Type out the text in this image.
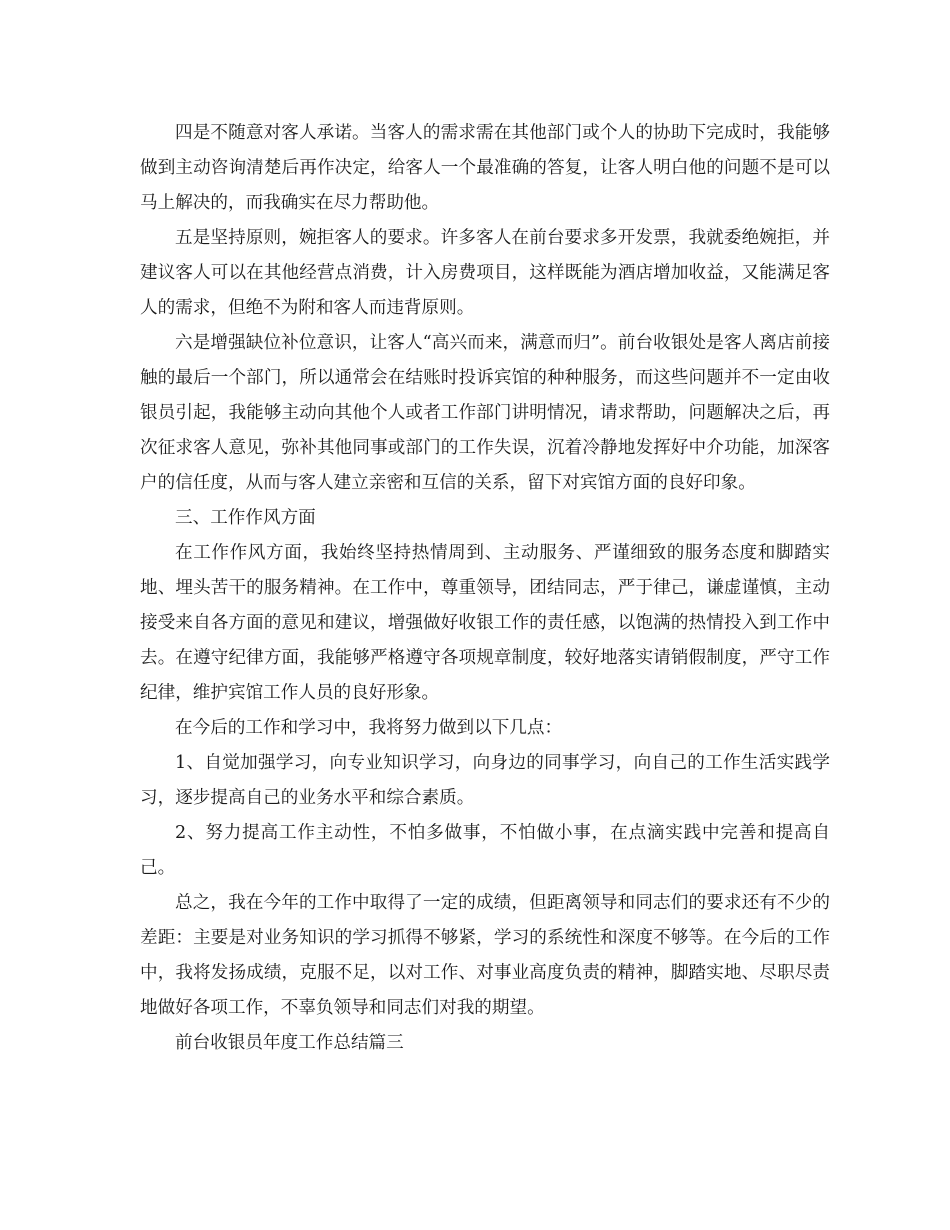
四是不随意对客人承诺。当客人的需求需在其他部门或个人的协助下完成时，我能够做到主动咨询清楚后再作决定，给客人一个最准确的答复，让客人明白他的问题不是可以马上解决的，而我确实在尽力帮助他。

五是坚持原则，婉拒客人的要求。许多客人在前台要求多开发票，我就委绝婉拒，并建议客人可以在其他经营点消费，计入房费项目，这样既能为酒店增加收益，又能满足客人的需求，但绝不为附和客人而违背原则。

六是增强缺位补位意识，让客人“高兴而来，满意而归”。前台收银处是客人离店前接触的最后一个部门，所以通常会在结账时投诉宾馆的种种服务，而这些问题并不一定由收银员引起，我能够主动向其他个人或者工作部门讲明情况，请求帮助，问题解决之后，再次征求客人意见，弥补其他同事或部门的工作失误，沉着冷静地发挥好中介功能，加深客户的信任度，从而与客人建立亲密和互信的关系，留下对宾馆方面的良好印象。

三、工作作风方面

在工作作风方面，我始终坚持热情周到、主动服务、严谨细致的服务态度和脚踏实地、埋头苦干的服务精神。在工作中，尊重领导，团结同志，严于律己，谦虚谨慎，主动接受来自各方面的意见和建议，增强做好收银工作的责任感，以饱满的热情投入到工作中去。在遵守纪律方面，我能够严格遵守各项规章制度，较好地落实请销假制度，严守工作纪律，维护宾馆工作人员的良好形象。

在今后的工作和学习中，我将努力做到以下几点：

1、自觉加强学习，向专业知识学习，向身边的同事学习，向自己的工作生活实践学习，逐步提高自己的业务水平和综合素质。

2、努力提高工作主动性，不怕多做事，不怕做小事，在点滴实践中完善和提高自己。

总之，我在今年的工作中取得了一定的成绩，但距离领导和同志们的要求还有不少的差距：主要是对业务知识的学习抓得不够紧，学习的系统性和深度不够等。在今后的工作中，我将发扬成绩，克服不足，以对工作、对事业高度负责的精神，脚踏实地、尽职尽责地做好各项工作，不辜负领导和同志们对我的期望。

前台收银员年度工作总结篇三
